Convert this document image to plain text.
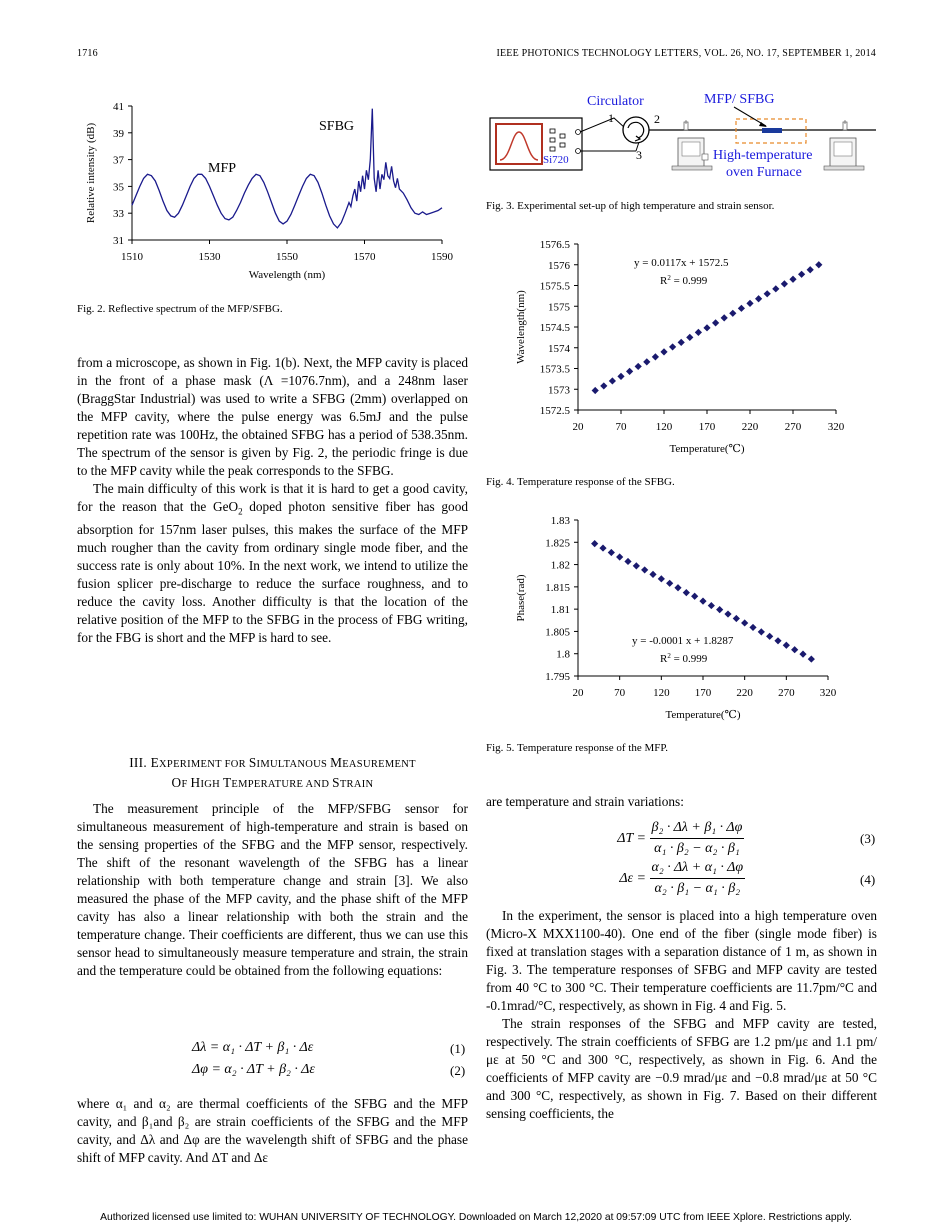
1716	IEEE PHOTONICS TECHNOLOGY LETTERS, VOL. 26, NO. 17, SEPTEMBER 1, 2014
31
33
35
37
39
41
1510	1530	1550	1570	1590
Wavelength (nm)
Relative intensity (dB)	MFP
SFBG
Fig. 2. Reflective spectrum of the MFP/SFBG.

from a microscope, as shown in Fig. 1(b). Next, the MFP cavity is placed in the front of a phase mask (Λ =1076.7nm), and a 248nm laser (BraggStar Industrial) was used to write a SFBG (2mm) overlapped on the MFP cavity, where the pulse energy was 6.5mJ and the pulse repetition rate was 100Hz, the obtained SFBG has a period of 538.35nm. The spectrum of the sensor is given by Fig. 2, the periodic fringe is due to the MFP cavity while the peak corresponds to the SFBG.

The main difficulty of this work is that it is hard to get a good cavity, for the reason that the GeO$_2$ doped photon sensitive fiber has good absorption for 157nm laser pulses, this makes the surface of the MFP much rougher than the cavity from ordinary single mode fiber, and the success rate is only about 10%. In the next work, we intend to utilize the fusion splicer pre-discharge to reduce the surface roughness, and to reduce the cavity loss. Another difficulty is that the location of the relative position of the MFP to the SFBG in the process of FBG writing, for the FBG is short and the MFP is hard to see.

III. EXPERIMENT FOR SIMULTANOUS MEASUREMENT
OF HIGH TEMPERATURE AND STRAIN

The measurement principle of the MFP/SFBG sensor for simultaneous measurement of high-temperature and strain is based on the sensing properties of the SFBG and the MFP sensor, respectively. The shift of the resonant wavelength of the SFBG has a linear relationship with both temperature change and strain [3]. We also measured the phase of the MFP cavity, and the phase shift of the MFP cavity has also a linear relationship with both the strain and the temperature change. Their coefficients are different, thus we can use this sensor head to simultaneously measure temperature and strain, the strain and the temperature could be obtained from the following equations:

Δλ = α₁ · ΔT + β₁ · Δε	(1)
Δφ = α₂ · ΔT + β₂ · Δε	(2)

where α₁ and α₂ are thermal coefficients of the SFBG and the MFP cavity, and β₁and β₂ are strain coefficients of the SFBG and the MFP cavity, and Δλ and Δφ are the wavelength shift of SFBG and the phase shift of MFP cavity. And ΔT and Δε

Si720
Circulator
1	2
3
MFP/ SFBG
High-temperature
oven Furnace
Fig. 3. Experimental set-up of high temperature and strain sensor.
1572.5
1573
1573.5
1574
1574.5
1575
1575.5
1576
1576.5
20	70	120 170 220 270 320
Temperature(℃)
Wavelength(nm)
y = 0.0117x + 1572.5
$R^2 = 0.999$
Fig. 4. Temperature response of the SFBG.
1.795
1.8
1.805
1.81
1.815
1.82
1.825
1.83
20	70	120 170 220 270 320
Temperature(℃)
Phase(rad)
y = -0.0001 x + 1.8287
$R^2 = 0.999$
Fig. 5. Temperature response of the MFP.

are temperature and strain variations:

$\Delta T = \frac{\text{β₂ · Δλ + β₁ · Δφ}}{\text{α₁ · β₂ − α₂ · β₁}}$	(3)
$\Delta\varepsilon = \frac{\text{α₂ · Δλ + α₁ · Δφ}}{\text{α₂ · β₁ − α₁ · β₂}}$	(4)

In the experiment, the sensor is placed into a high temperature oven (Micro-X MXX1100-40). One end of the fiber (single mode fiber) is fixed at translation stages with a separation distance of 1 m, as shown in Fig. 3. The temperature responses of SFBG and MFP cavity are tested from 40 °C to 300 °C. Their temperature coefficients are 11.7pm/°C and -0.1mrad/°C, respectively, as shown in Fig. 4 and Fig. 5.

The strain responses of the SFBG and MFP cavity are tested, respectively. The strain coefficients of SFBG are 1.2 pm/με and 1.1 pm/με at 50 °C and 300 °C, respectively, as shown in Fig. 6. And the coefficients of MFP cavity are −0.9 mrad/με and −0.8 mrad/με at 50 °C and 300 °C, respectively, as shown in Fig. 7. Based on their different sensing coefficients, the

Authorized licensed use limited to: WUHAN UNIVERSITY OF TECHNOLOGY. Downloaded on March 12,2020 at 09:57:09 UTC from IEEE Xplore. Restrictions apply.
